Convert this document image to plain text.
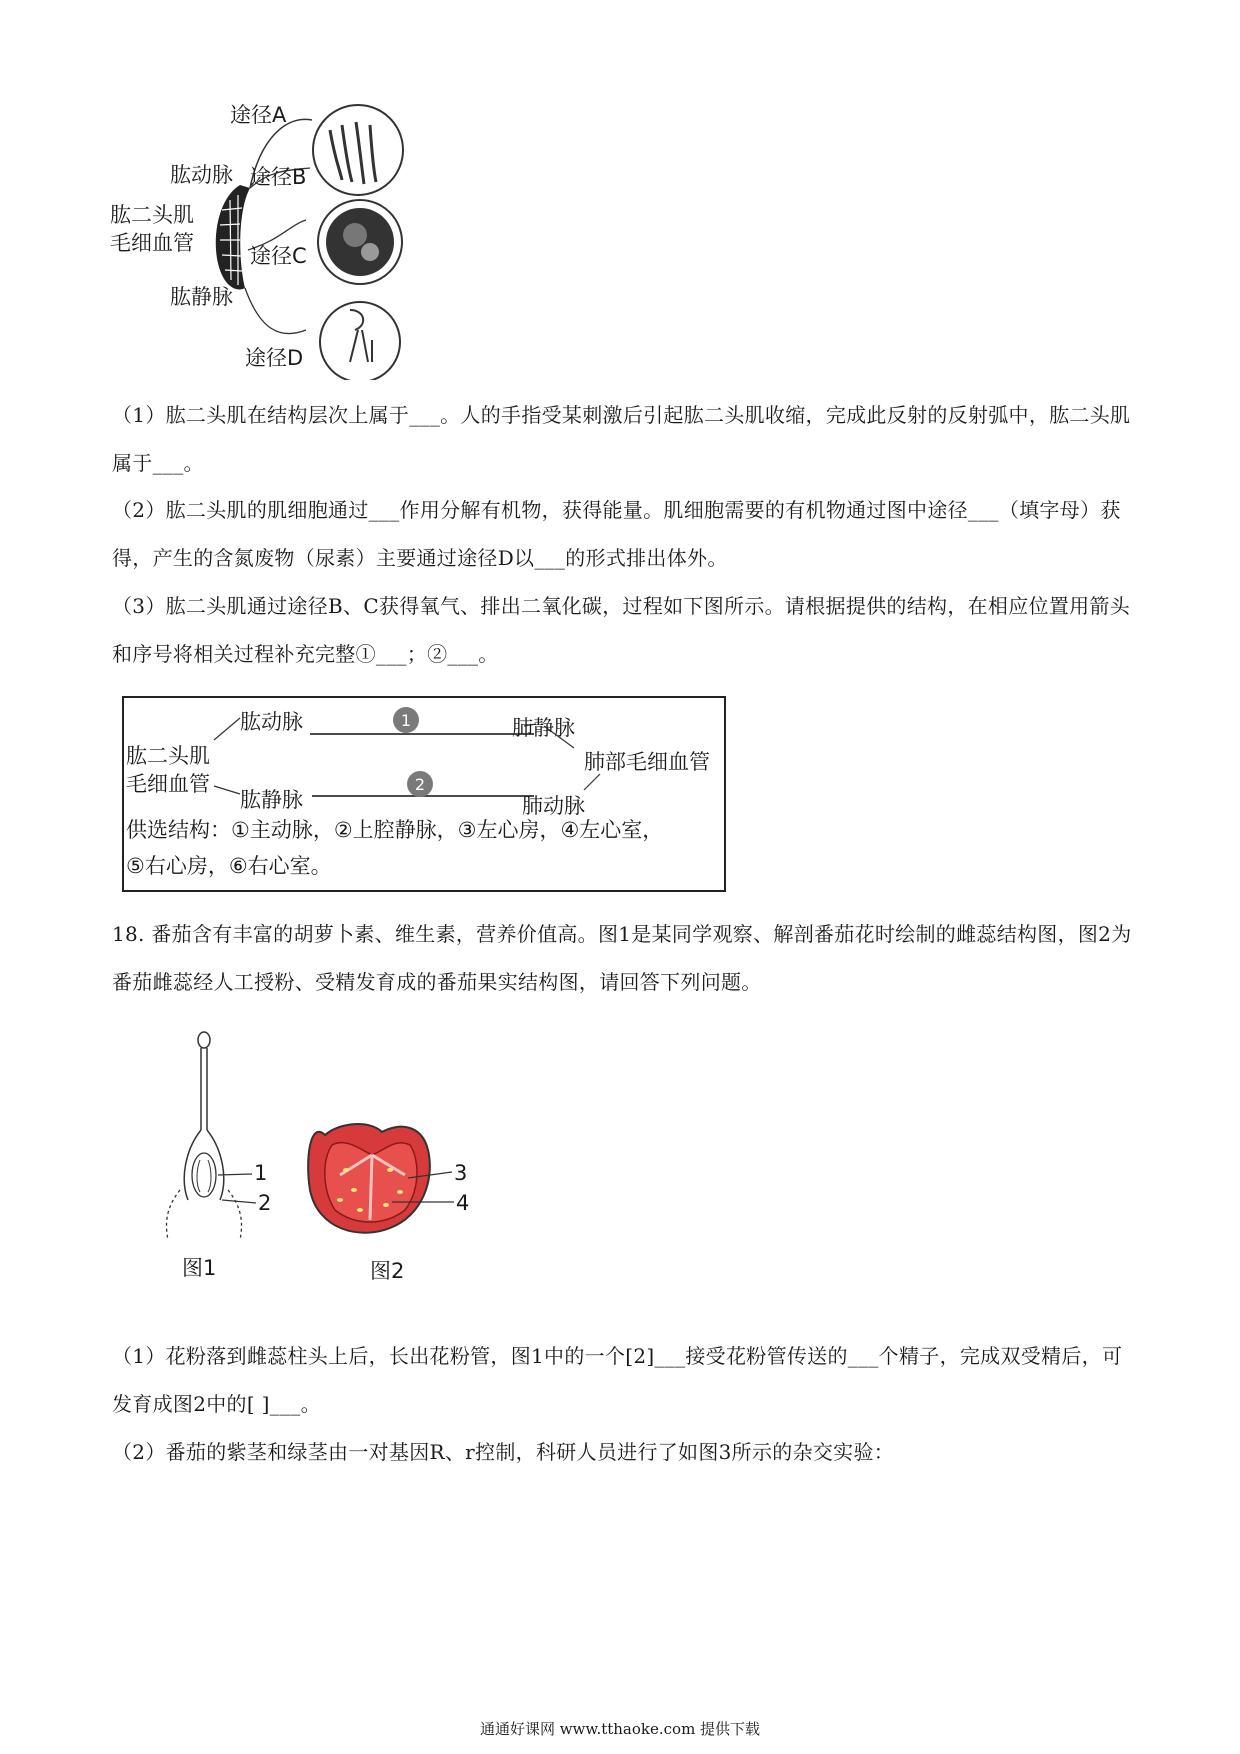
途径A
肱动脉 途径B
肱二头肌
毛细血管
途径C
肱静脉
途径D
（1）肱二头肌在结构层次上属于___。人的手指受某刺激后引起肱二头肌收缩，完成此反射的反射弧中，肱二头肌属于___。
（2）肱二头肌的肌细胞通过___作用分解有机物，获得能量。肌细胞需要的有机物通过图中途径___（填字母）获得，产生的含氮废物（尿素）主要通过途径D以___的形式排出体外。
（3）肱二头肌通过途径B、C获得氧气、排出二氧化碳，过程如下图所示。请根据提供的结构，在相应位置用箭头和序号将相关过程补充完整①___；②___。
肱动脉	1
2
肺静脉
肱二头肌
毛细血管
肺部毛细血管
肱静脉	肺动脉
供选结构：①主动脉，②上腔静脉，③左心房，④左心室，
⑤右心房，⑥右心室。
18. 番茄含有丰富的胡萝卜素、维生素，营养价值高。图1是某同学观察、解剖番茄花时绘制的雌蕊结构图，图2为番茄雌蕊经人工授粉、受精发育成的番茄果实结构图，请回答下列问题。
1
2
图1
3
4
图2
（1）花粉落到雌蕊柱头上后，长出花粉管，图1中的一个[2]___接受花粉管传送的___个精子，完成双受精后，可发育成图2中的[ ]___。
（2）番茄的紫茎和绿茎由一对基因R、r控制，科研人员进行了如图3所示的杂交实验：
通通好课网 www.tthaoke.com 提供下载
